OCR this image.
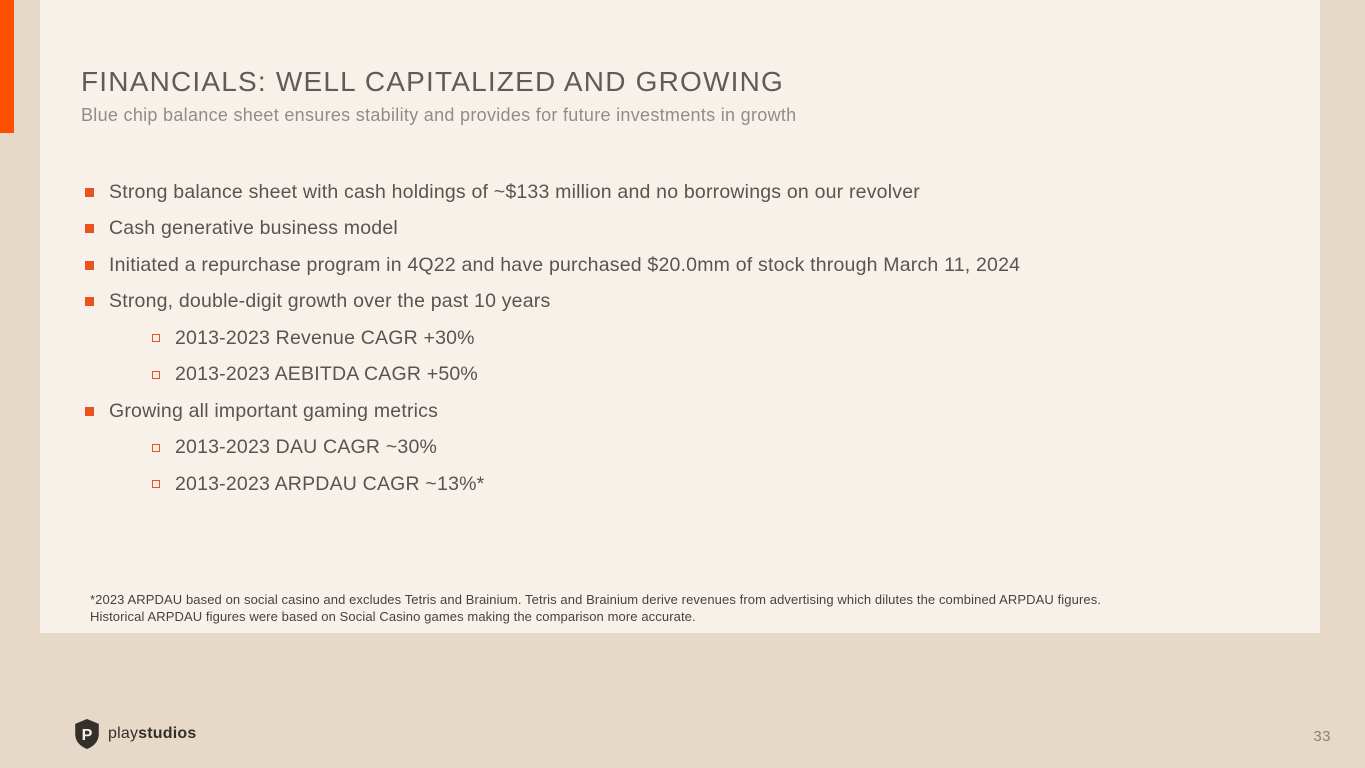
FINANCIALS: WELL CAPITALIZED AND GROWING
Blue chip balance sheet ensures stability and provides for future investments in growth
Strong balance sheet with cash holdings of ~$133 million and no borrowings on our revolver
Cash generative business model
Initiated a repurchase program in 4Q22 and have purchased $20.0mm of stock through March 11, 2024
Strong, double-digit growth over the past 10 years
2013-2023 Revenue CAGR +30%
2013-2023 AEBITDA CAGR +50%
Growing all important gaming metrics
2013-2023 DAU CAGR ~30%
2013-2023 ARPDAU CAGR ~13%*
*2023 ARPDAU based on social casino and excludes Tetris and Brainium. Tetris and Brainium derive revenues from advertising which dilutes the combined ARPDAU figures.
Historical ARPDAU figures were based on Social Casino games making the comparison more accurate.
P playstudios	33
